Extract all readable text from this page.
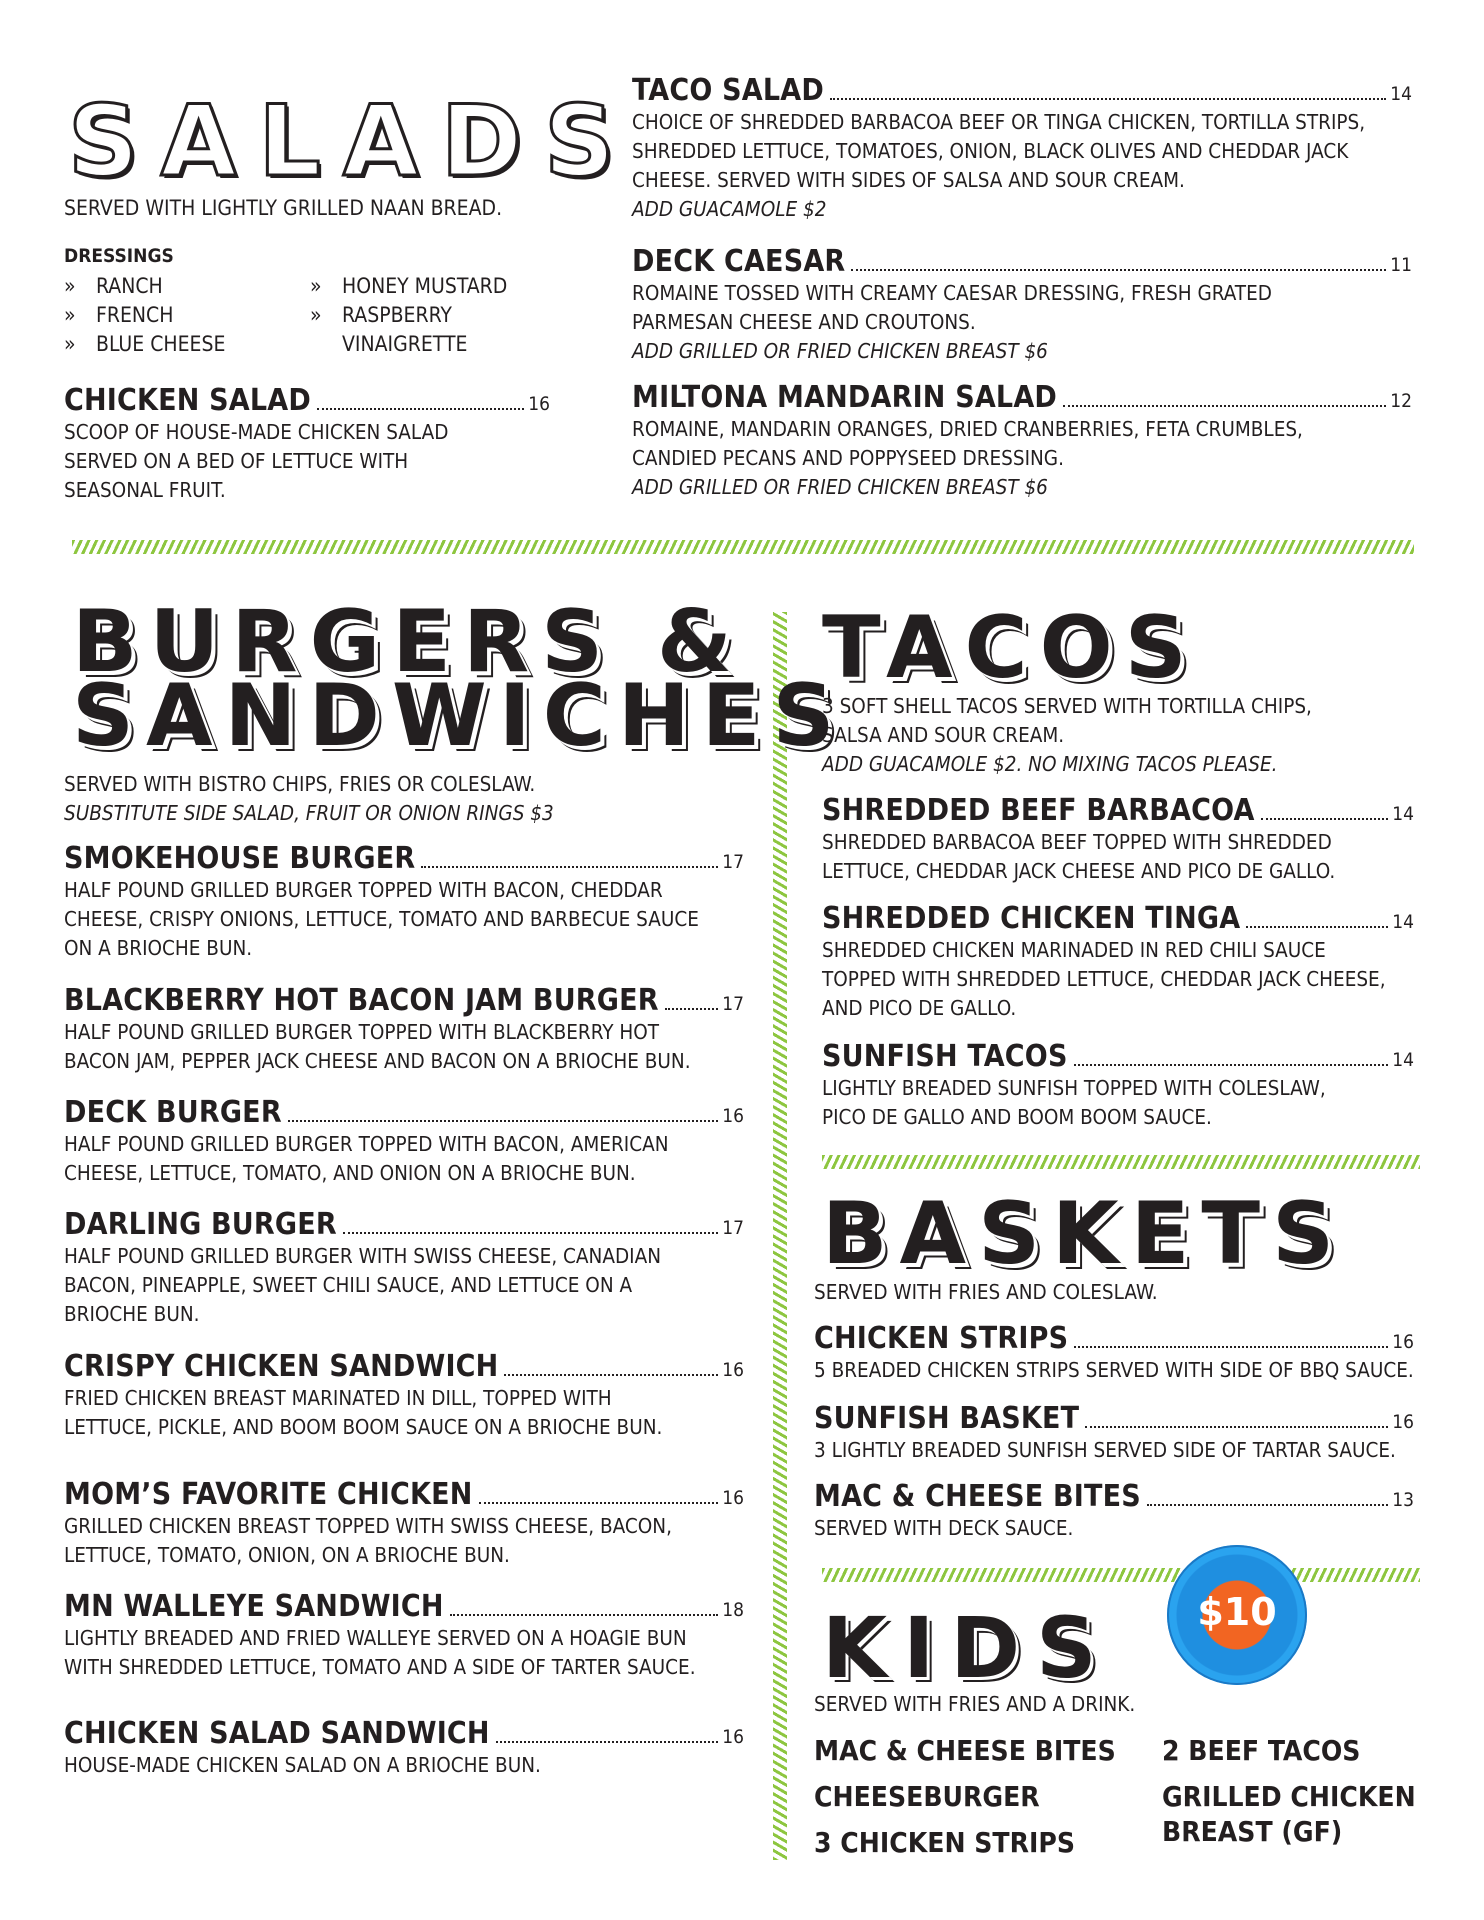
SALADS
SERVED WITH LIGHTLY GRILLED NAAN BREAD.
DRESSINGS
» RANCH
» FRENCH
» BLUE CHEESE
» HONEY MUSTARD
» RASPBERRY
VINAIGRETTE
CHICKEN SALAD	16
SCOOP OF HOUSE-MADE CHICKEN SALAD
SERVED ON A BED OF LETTUCE WITH
SEASONAL FRUIT.
TACO SALAD	14
CHOICE OF SHREDDED BARBACOA BEEF OR TINGA CHICKEN, TORTILLA STRIPS,
SHREDDED LETTUCE, TOMATOES, ONION, BLACK OLIVES AND CHEDDAR JACK
CHEESE. SERVED WITH SIDES OF SALSA AND SOUR CREAM.
ADD GUACAMOLE $2
DECK CAESAR	11
ROMAINE TOSSED WITH CREAMY CAESAR DRESSING, FRESH GRATED
PARMESAN CHEESE AND CROUTONS.
ADD GRILLED OR FRIED CHICKEN BREAST $6
MILTONA MANDARIN SALAD	12
ROMAINE, MANDARIN ORANGES, DRIED CRANBERRIES, FETA CRUMBLES,
CANDIED PECANS AND POPPYSEED DRESSING.
ADD GRILLED OR FRIED CHICKEN BREAST $6
BURGERS &
SANDWICHES
SERVED WITH BISTRO CHIPS, FRIES OR COLESLAW.
SUBSTITUTE SIDE SALAD, FRUIT OR ONION RINGS $3
SMOKEHOUSE BURGER	17
HALF POUND GRILLED BURGER TOPPED WITH BACON, CHEDDAR
CHEESE, CRISPY ONIONS, LETTUCE, TOMATO AND BARBECUE SAUCE
ON A BRIOCHE BUN.
BLACKBERRY HOT BACON JAM BURGER	17
HALF POUND GRILLED BURGER TOPPED WITH BLACKBERRY HOT
BACON JAM, PEPPER JACK CHEESE AND BACON ON A BRIOCHE BUN.
DECK BURGER	16
HALF POUND GRILLED BURGER TOPPED WITH BACON, AMERICAN
CHEESE, LETTUCE, TOMATO, AND ONION ON A BRIOCHE BUN.
DARLING BURGER	17
HALF POUND GRILLED BURGER WITH SWISS CHEESE, CANADIAN
BACON, PINEAPPLE, SWEET CHILI SAUCE, AND LETTUCE ON A
BRIOCHE BUN.
CRISPY CHICKEN SANDWICH	16
FRIED CHICKEN BREAST MARINATED IN DILL, TOPPED WITH
LETTUCE, PICKLE, AND BOOM BOOM SAUCE ON A BRIOCHE BUN.
MOM’S FAVORITE CHICKEN	16
GRILLED CHICKEN BREAST TOPPED WITH SWISS CHEESE, BACON,
LETTUCE, TOMATO, ONION, ON A BRIOCHE BUN.
MN WALLEYE SANDWICH	18
LIGHTLY BREADED AND FRIED WALLEYE SERVED ON A HOAGIE BUN
WITH SHREDDED LETTUCE, TOMATO AND A SIDE OF TARTER SAUCE.
CHICKEN SALAD SANDWICH	16
HOUSE-MADE CHICKEN SALAD ON A BRIOCHE BUN.
TACOS
3 SOFT SHELL TACOS SERVED WITH TORTILLA CHIPS,
SALSA AND SOUR CREAM.
ADD GUACAMOLE $2. NO MIXING TACOS PLEASE.
SHREDDED BEEF BARBACOA	14
SHREDDED BARBACOA BEEF TOPPED WITH SHREDDED
LETTUCE, CHEDDAR JACK CHEESE AND PICO DE GALLO.
SHREDDED CHICKEN TINGA	14
SHREDDED CHICKEN MARINADED IN RED CHILI SAUCE
TOPPED WITH SHREDDED LETTUCE, CHEDDAR JACK CHEESE,
AND PICO DE GALLO.
SUNFISH TACOS	14
LIGHTLY BREADED SUNFISH TOPPED WITH COLESLAW,
PICO DE GALLO AND BOOM BOOM SAUCE.
BASKETS
SERVED WITH FRIES AND COLESLAW.
CHICKEN STRIPS	16
5 BREADED CHICKEN STRIPS SERVED WITH SIDE OF BBQ SAUCE.
SUNFISH BASKET	16
3 LIGHTLY BREADED SUNFISH SERVED SIDE OF TARTAR SAUCE.
MAC & CHEESE BITES	13
SERVED WITH DECK SAUCE.
KIDS	$10
SERVED WITH FRIES AND A DRINK.
MAC & CHEESE BITES
CHEESEBURGER
3 CHICKEN STRIPS
2 BEEF TACOS
GRILLED CHICKEN
BREAST (GF)
